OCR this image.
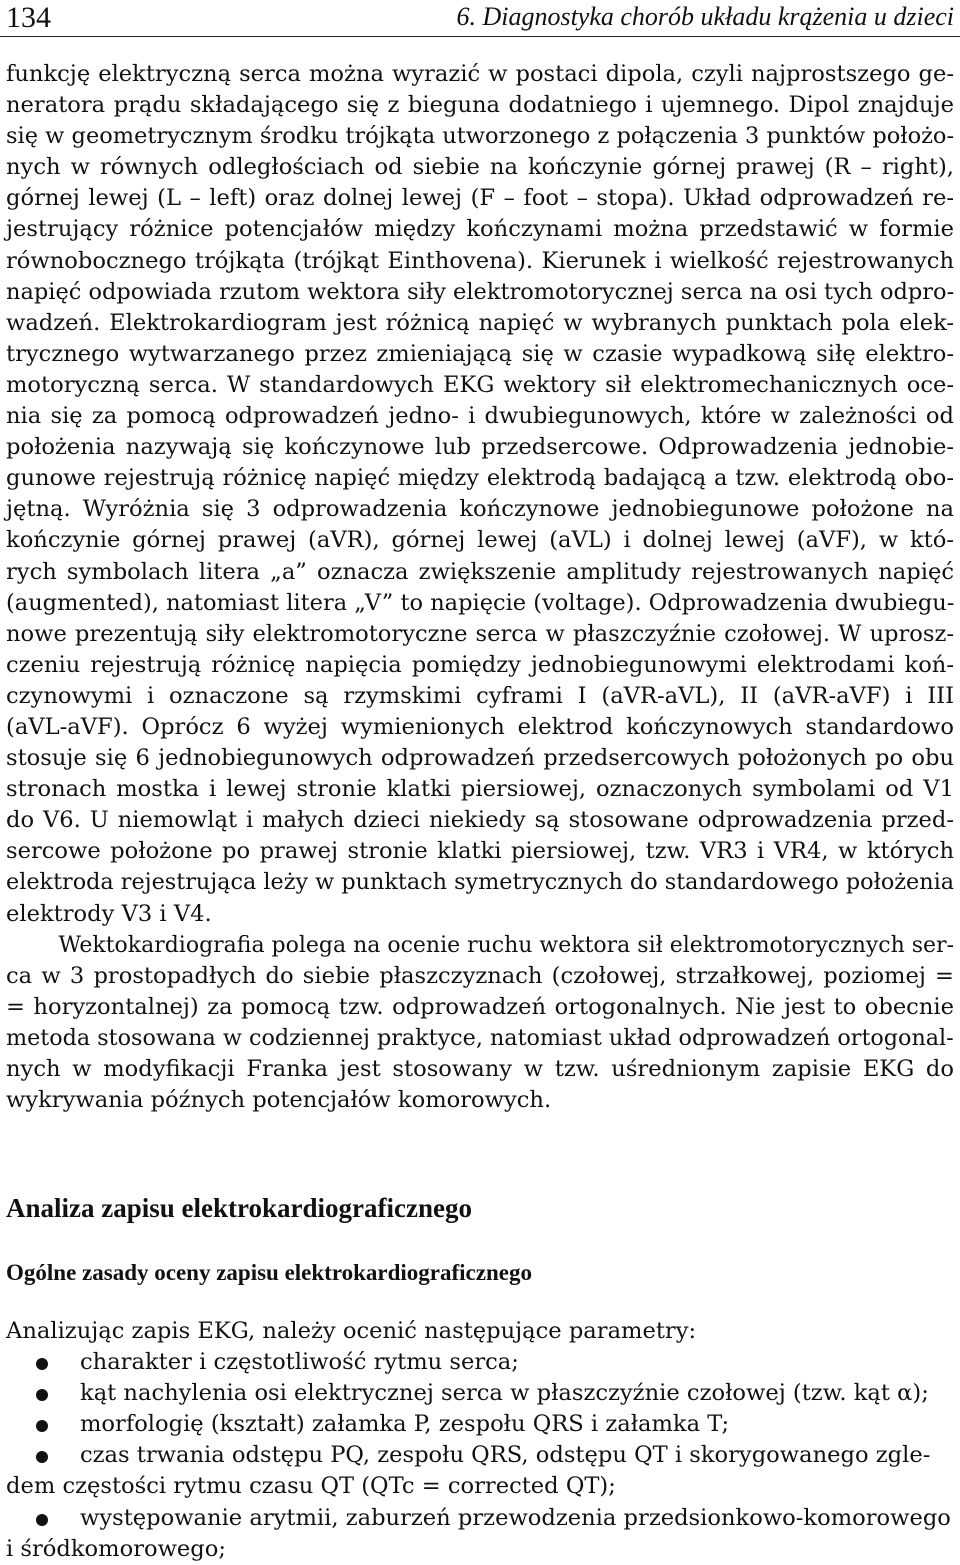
134	6. Diagnostyka chorób układu krążenia u dzieci
funkcję elektryczną serca można wyrazić w postaci dipola, czyli najprostszego ge-
neratora prądu składającego się z bieguna dodatniego i ujemnego. Dipol znajduje
się w geometrycznym środku trójkąta utworzonego z połączenia 3 punktów położo-
nych w równych odległościach od siebie na kończynie górnej prawej (R – right),
górnej lewej (L – left) oraz dolnej lewej (F – foot – stopa). Układ odprowadzeń re-
jestrujący różnice potencjałów między kończynami można przedstawić w formie
równobocznego trójkąta (trójkąt Einthovena). Kierunek i wielkość rejestrowanych
napięć odpowiada rzutom wektora siły elektromotorycznej serca na osi tych odpro-
wadzeń. Elektrokardiogram jest różnicą napięć w wybranych punktach pola elek-
trycznego wytwarzanego przez zmieniającą się w czasie wypadkową siłę elektro-
motoryczną serca. W standardowych EKG wektory sił elektromechanicznych oce-
nia się za pomocą odprowadzeń jedno- i dwubiegunowych, które w zależności od
położenia nazywają się kończynowe lub przedsercowe. Odprowadzenia jednobie-
gunowe rejestrują różnicę napięć między elektrodą badającą a tzw. elektrodą obo-
jętną. Wyróżnia się 3 odprowadzenia kończynowe jednobiegunowe położone na
kończynie górnej prawej (aVR), górnej lewej (aVL) i dolnej lewej (aVF), w któ-
rych symbolach litera „a” oznacza zwiększenie amplitudy rejestrowanych napięć
(augmented), natomiast litera „V” to napięcie (voltage). Odprowadzenia dwubiegu-
nowe prezentują siły elektromotoryczne serca w płaszczyźnie czołowej. W uprosz-
czeniu rejestrują różnicę napięcia pomiędzy jednobiegunowymi elektrodami koń-
czynowymi i oznaczone są rzymskimi cyframi I (aVR-aVL), II (aVR-aVF) i III
(aVL-aVF). Oprócz 6 wyżej wymienionych elektrod kończynowych standardowo
stosuje się 6 jednobiegunowych odprowadzeń przedsercowych położonych po obu
stronach mostka i lewej stronie klatki piersiowej, oznaczonych symbolami od V1
do V6. U niemowląt i małych dzieci niekiedy są stosowane odprowadzenia przed-
sercowe położone po prawej stronie klatki piersiowej, tzw. VR3 i VR4, w których
elektroda rejestrująca leży w punktach symetrycznych do standardowego położenia
elektrody V3 i V4.
Wektokardiografia polega na ocenie ruchu wektora sił elektromotorycznych ser-
ca w 3 prostopadłych do siebie płaszczyznach (czołowej, strzałkowej, poziomej =
= horyzontalnej) za pomocą tzw. odprowadzeń ortogonalnych. Nie jest to obecnie
metoda stosowana w codziennej praktyce, natomiast układ odprowadzeń ortogonal-
nych w modyfikacji Franka jest stosowany w tzw. uśrednionym zapisie EKG do
wykrywania późnych potencjałów komorowych.
Analiza zapisu elektrokardiograficznego
Ogólne zasady oceny zapisu elektrokardiograficznego
Analizując zapis EKG, należy ocenić następujące parametry:
charakter i częstotliwość rytmu serca;
kąt nachylenia osi elektrycznej serca w płaszczyźnie czołowej (tzw. kąt α);
morfologię (kształt) załamka P, zespołu QRS i załamka T;
czas trwania odstępu PQ, zespołu QRS, odstępu QT i skorygowanego zgle-
dem częstości rytmu czasu QT (QTc = corrected QT);
występowanie arytmii, zaburzeń przewodzenia przedsionkowo-komorowego
i śródkomorowego;
